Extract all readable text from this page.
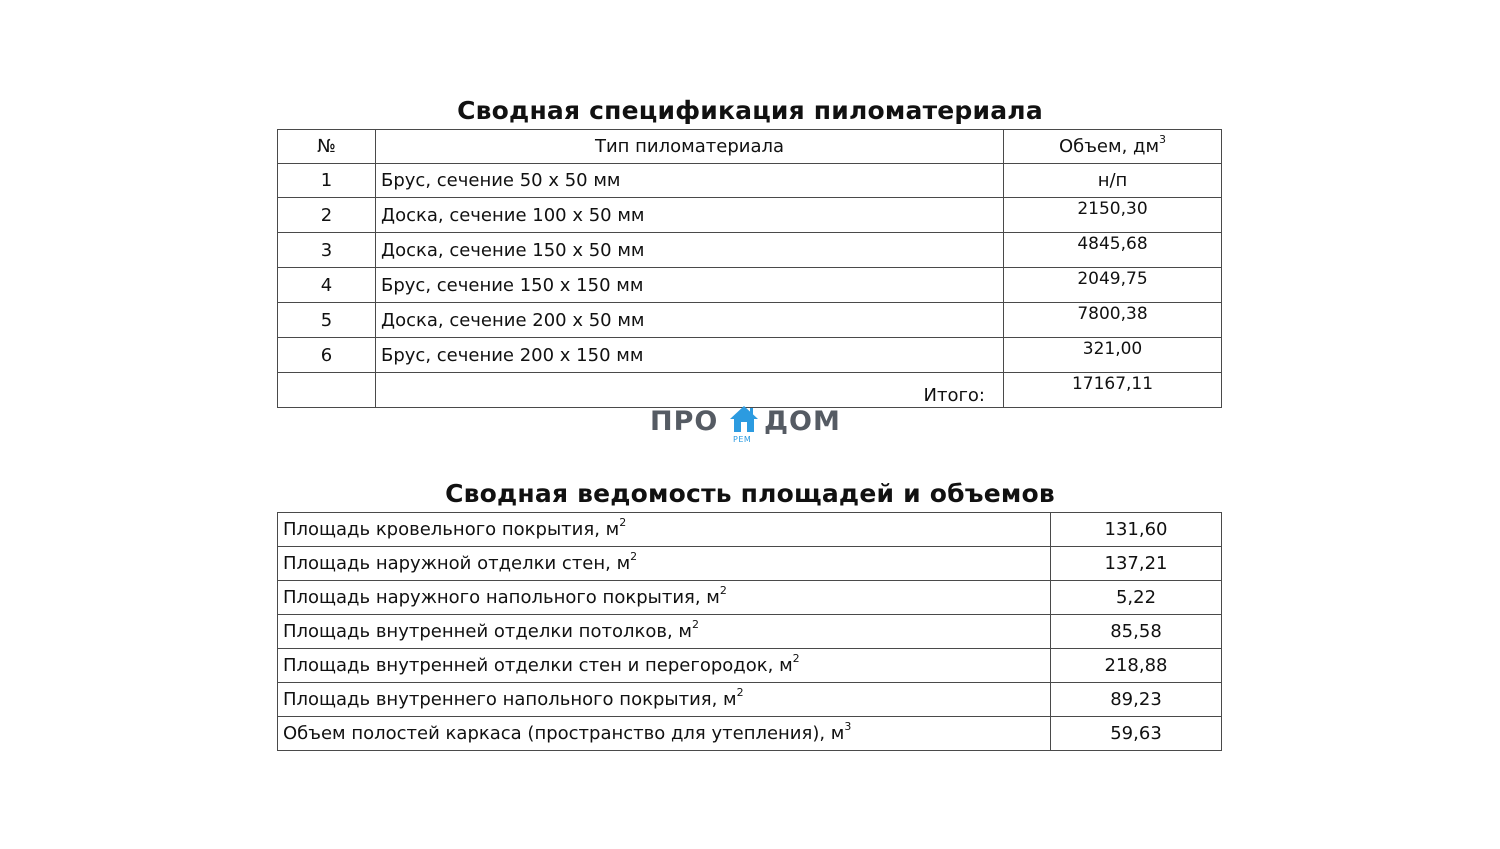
Сводная спецификация пиломатериала
№	Тип пиломатериала	Объем, $дм^3$
1	Брус, сечение 50 х 50 мм	н/п
2	Доска, сечение 100 х 50 мм	2150,30
3	Доска, сечение 150 х 50 мм	4845,68
4	Брус, сечение 150 х 150 мм	2049,75
5	Доска, сечение 200 х 50 мм	7800,38
6	Брус, сечение 200 х 150 мм	321,00
	Итого:	17167,11
ПРО
РЕМ
ДОМ
Сводная ведомость площадей и объемов
Площадь кровельного покрытия, $м^2$	131,60
Площадь наружной отделки стен, $м^2$	137,21
Площадь наружного напольного покрытия, $м^2$	5,22
Площадь внутренней отделки потолков, $м^2$	85,58
Площадь внутренней отделки стен и перегородок, $м^2$	218,88
Площадь внутреннего напольного покрытия, $м^2$	89,23
Объем полостей каркаса (пространство для утепления), $м^3$	59,63
